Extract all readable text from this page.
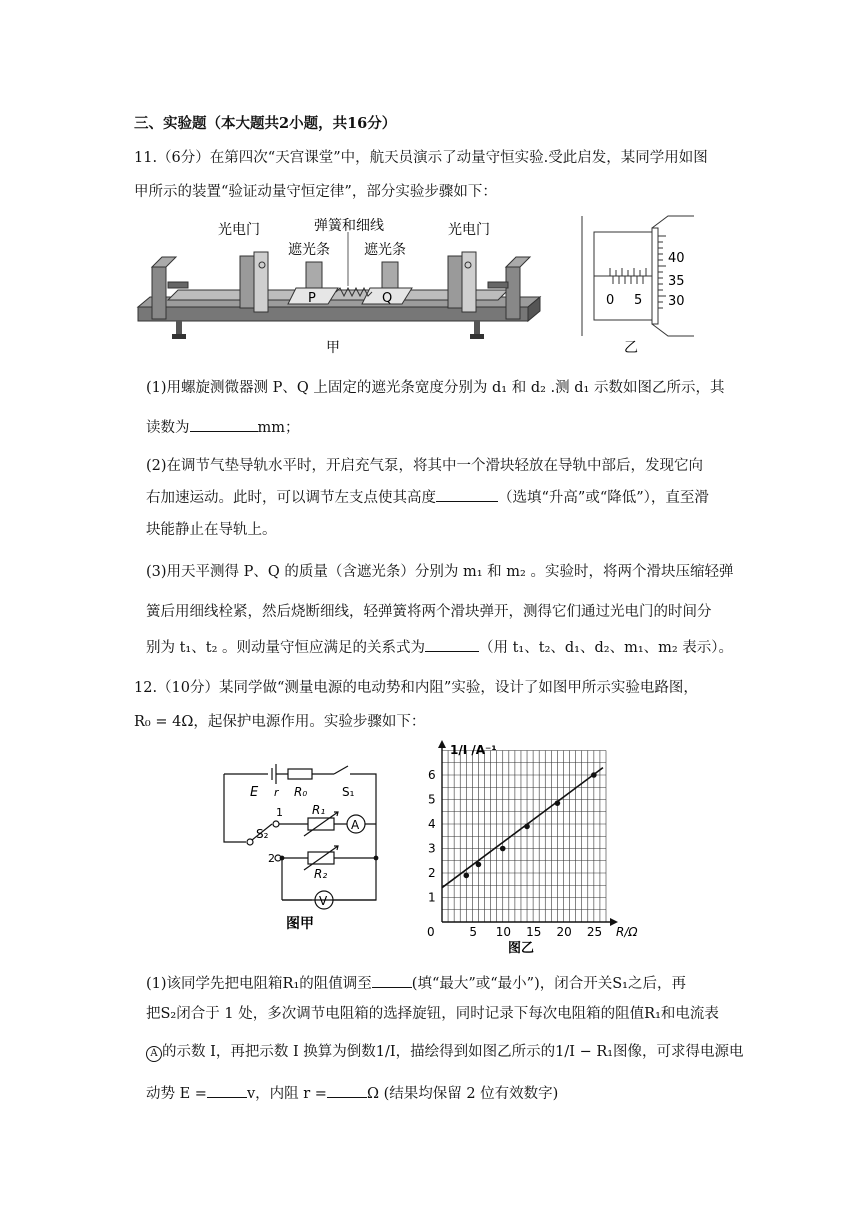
三、实验题（本大题共2小题，共16分）
11.（6分）在第四次“天宫课堂”中，航天员演示了动量守恒实验.受此启发，某同学用如图
甲所示的装置“验证动量守恒定律”，部分实验步骤如下：
光电门	光电门
弹簧和细线
遮光条 遮光条
P	Q
甲
40
35
30
0 5
乙
(1)用螺旋测微器测 P、Q 上固定的遮光条宽度分别为 d₁ 和 d₂ .测 d₁ 示数如图乙所示，其
读数为	mm；
(2)在调节气垫导轨水平时，开启充气泵，将其中一个滑块轻放在导轨中部后，发现它向
右加速运动。此时，可以调节左支点使其高度	（选填“升高”或“降低”），直至滑
块能静止在导轨上。
(3)用天平测得 P、Q 的质量（含遮光条）分别为 m₁ 和 m₂ 。实验时，将两个滑块压缩轻弹
簧后用细线栓紧，然后烧断细线，轻弹簧将两个滑块弹开，测得它们通过光电门的时间分
别为 t₁、t₂ 。则动量守恒应满足的关系式为	（用 t₁、t₂、d₁、d₂、m₁、m₂ 表示）。
12.（10分）某同学做“测量电源的电动势和内阻”实验，设计了如图甲所示实验电路图，
R₀ = 4Ω，起保护电源作用。实验步骤如下：
E r R₀	S₁
S₂
1
2
R₁
R₂
A
V
图甲	0	5 10 15 20 25
1
2
3
4
5
6
1/I /A⁻¹
R/Ω
图乙
(1)该同学先把电阻箱R₁的阻值调至	(填“最大”或“最小”)，闭合开关S₁之后，再
把S₂闭合于 1 处，多次调节电阻箱的选择旋钮，同时记录下每次电阻箱的阻值R₁和电流表
A 的示数 I，再把示数 I 换算为倒数1/I，描绘得到如图乙所示的1/I − R₁图像，可求得电源电
动势 E =	v，内阻 r =	Ω (结果均保留 2 位有效数字)
